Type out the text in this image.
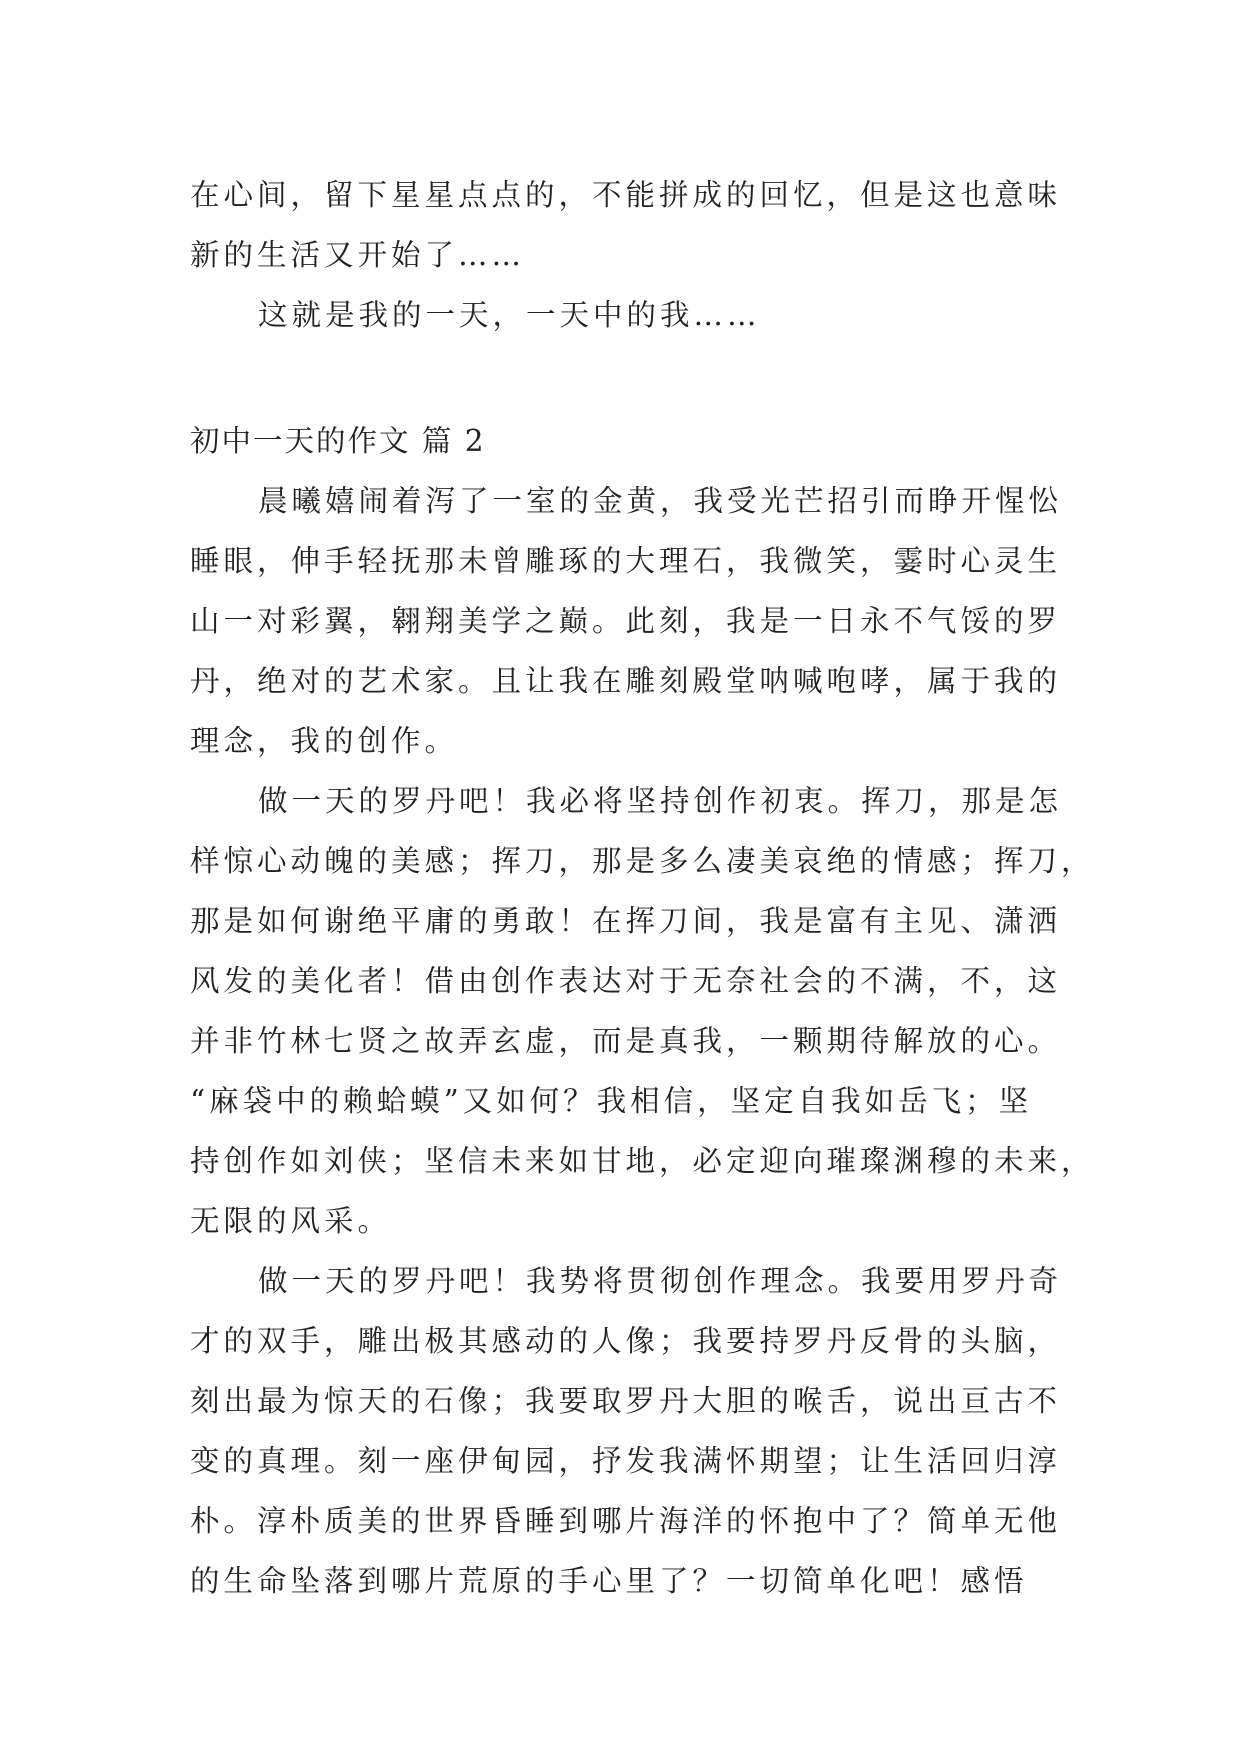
在心间，留下星星点点的，不能拼成的回忆，但是这也意味
新的生活又开始了……
这就是我的一天，一天中的我……
初中一天的作文 篇 2
晨曦嬉闹着泻了一室的金黄，我受光芒招引而睁开惺忪
睡眼，伸手轻抚那未曾雕琢的大理石，我微笑，霎时心灵生
山一对彩翼，翱翔美学之巅。此刻，我是一日永不气馁的罗
丹，绝对的艺术家。且让我在雕刻殿堂呐喊咆哮，属于我的
理念，我的创作。
做一天的罗丹吧！我必将坚持创作初衷。挥刀，那是怎
样惊心动魄的美感；挥刀，那是多么凄美哀绝的情感；挥刀，
那是如何谢绝平庸的勇敢！在挥刀间，我是富有主见、潇洒
风发的美化者！借由创作表达对于无奈社会的不满，不，这
并非竹林七贤之故弄玄虚，而是真我，一颗期待解放的心。
“麻袋中的赖蛤蟆”又如何？我相信，坚定自我如岳飞；坚
持创作如刘侠；坚信未来如甘地，必定迎向璀璨渊穆的未来，
无限的风采。
做一天的罗丹吧！我势将贯彻创作理念。我要用罗丹奇
才的双手，雕出极其感动的人像；我要持罗丹反骨的头脑，
刻出最为惊天的石像；我要取罗丹大胆的喉舌，说出亘古不
变的真理。刻一座伊甸园，抒发我满怀期望；让生活回归淳
朴。淳朴质美的世界昏睡到哪片海洋的怀抱中了？简单无他
的生命坠落到哪片荒原的手心里了？一切简单化吧！感悟
